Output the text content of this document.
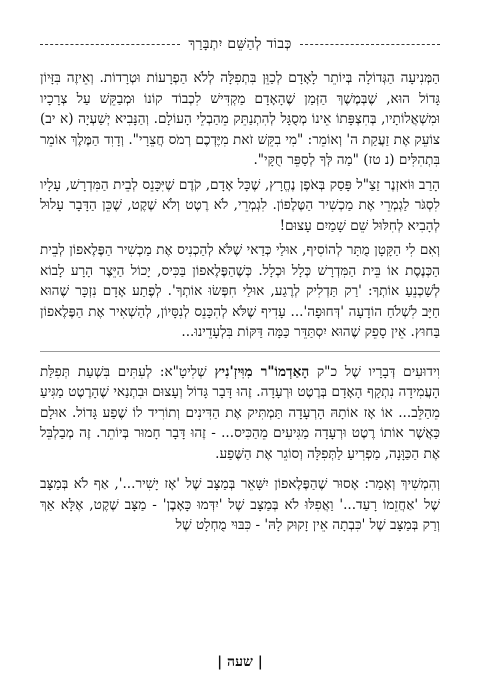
כְּבוֹד לְהַשֵּׁם יִתְבָּרַךְ

הַמְּנִיעָה הַגְּדוֹלָה בְּיוֹתֵר לָאָדָם לְכַוֵּן בִּתְפִלָּה לְלֹא הַפְרָעוֹת וּטְרָדוֹת. וְאֵיזֶה בִּזָּיוֹן גָּדוֹל הוּא, שֶׁבְּמֶשֶׁךְ הַזְּמַן שֶׁהָאָדָם מַקְדִּישׁ לִכְבוֹד קוֹנוֹ וּמְבַקֵּשׁ עַל צְרָכָיו וּמִשְׁאֲלוֹתָיו, בְּחִצְפָּתוֹ אֵינוֹ מְסֻגָּל לְהִתְנַתֵּק מֵהַבְלֵי הָעוֹלָם. וְהַנָּבִיא יְשַׁעְיָה (א יב) צוֹעֵק אֶת זַעֲקַת ה' וְאוֹמֵר: "מִי בִקֵּשׁ זֹאת מִיֶּדְכֶם רְמֹס חֲצֵרָי". וְדָוִד הַמֶּלֶךְ אוֹמֵר בִּתְהִלִּים (נ טז) "מַה לְּךָ לְסַפֵּר חֻקָּי".

הָרַב וּוֹאזְנֶר זַצַ"ל פָּסַק בְּאֹפֶן נֶחֱרָץ, שֶׁכָּל אָדָם, קֹדֶם שֶׁיִּכָּנֵס לְבֵית הַמִּדְרָשׁ, עָלָיו לִסְגֹּר לַגְמְרֵי אֶת מַכְשִׁיר הַטֶּלֶפוֹן. לִגְמְרֵי, לֹא רֶטֶט וְלֹא שֶׁקֶט, שֶׁכֵּן הַדָּבָר עָלוּל לְהָבִיא לְחִלּוּל שֵׁם שָׁמַיִם עָצוּם!

וְאִם לִי הַקָּטָן מֻתָּר לְהוֹסִיף, אוּלַי כְּדַאי שֶׁלֹּא לְהַכְנִיס אֶת מַכְשִׁיר הַפֶּלֶאפוֹן לְבֵית הַכְּנֶסֶת אוֹ בֵּית הַמִּדְרָשׁ כְּלָל וּכְלָל. כְּשֶׁהַפֶּלֶאפוֹן בַּכִּיס, יָכוֹל הַיֵּצֶר הָרָע לָבוֹא לְשַׁכְנֵעַ אוֹתְךָ: 'רַק תַּדְלִיק לְרֶגַע, אוּלַי חִפְּשׂוּ אוֹתְךָ'. לְפֶתַע אָדָם נִזְכָּר שֶׁהוּא חַיָּב לִשְׁלֹחַ הוֹדָעָה 'דְּחוּפָה'... עָדִיף שֶׁלֹּא לְהִכָּנֵס לְנִסָּיוֹן, לְהַשְׁאִיר אֶת הַפֶּלֶאפוֹן בַּחוּץ. אֵין סָפֵק שֶׁהוּא יִסְתַּדֵּר כַּמָּה דַּקּוֹת בִּלְעָדֵינוּ...

וִידוּעִים דְּבָרָיו שֶׁל כ"ק הָאַדְמוֹ"ר מִוִּיזְ'נִיץ שְׁלִיטָ"א: לְעִתִּים בִּשְׁעַת תְּפִלַּת הָעֲמִידָה נִתְקָף הָאָדָם בְּרֶטֶט וּרְעָדָה. זֶהוּ דָּבָר גָּדוֹל וְעָצוּם וּבִתְנַאי שֶׁהָרֶטֶט מַגִּיעַ מֵהַלֵּב... אוֹ אָז אוֹתָהּ הָרְעָדָה תַּמְתִּיק אֶת הַדִּינִים וְתוֹרִיד לוֹ שֶׁפַע גָּדוֹל. אוּלָם כַּאֲשֶׁר אוֹתוֹ רֶטֶט וּרְעָדָה מַגִּיעִים מֵהַכִּיס... - זֶהוּ דָּבָר חָמוּר בְּיוֹתֵר. זֶה מְבַלְבֵּל אֶת הַכַּוָּנָה, מַפְרִיעַ לַתְּפִלָּה וְסוֹגֵר אֶת הַשֶּׁפַע.

וְהִמְשִׁיךְ וְאָמַר: אָסוּר שֶׁהַפֶּלֶאפוֹן יִשָּׁאֵר בְּמַצָּב שֶׁל 'אָז יָשִׁיר...', אַף לֹא בְּמַצָּב שֶׁל 'אַחֲזֵמוֹ רָעַד...' וַאֲפִלּוּ לֹא בְּמַצָּב שֶׁל 'יִדְּמוּ כָּאָבֶן' - מַצָּב שֶׁקֶט, אֶלָּא אַךְ וְרַק בְּמַצָּב שֶׁל 'כִּבְתָה אֵין זָקוּק לָהּ' - כִּבּוּי מֻחְלָט שֶׁל

| שעה |
